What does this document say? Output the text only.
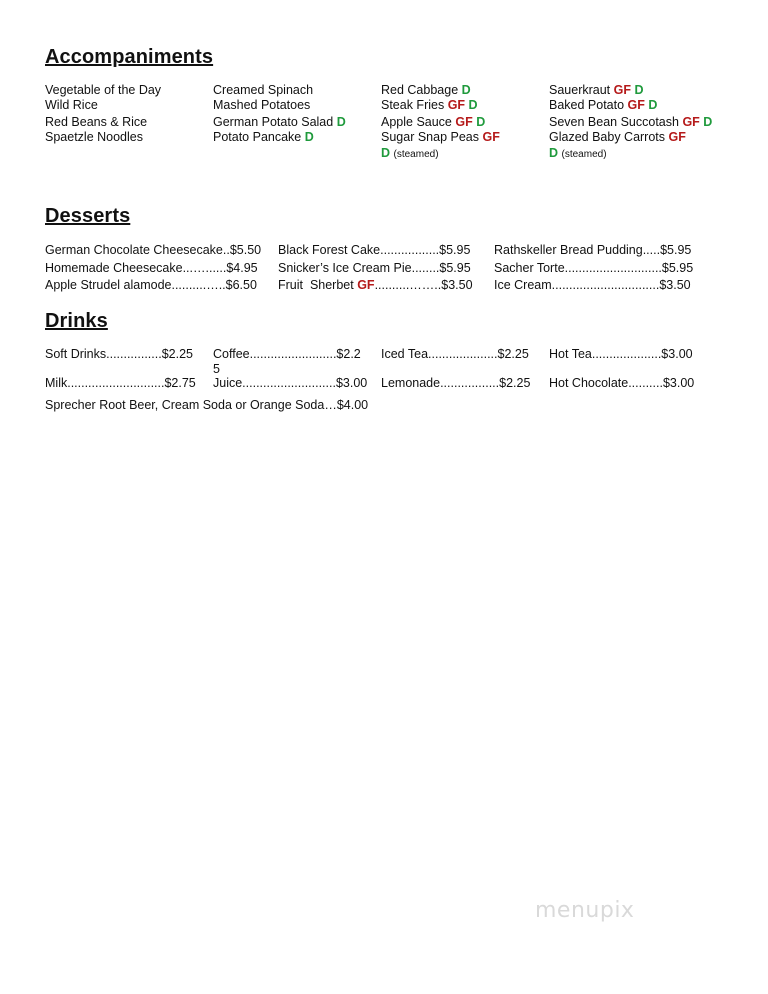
Accompaniments
Vegetable of the Day
Wild Rice
Red Beans & Rice
Spaetzle Noodles
Creamed Spinach
Mashed Potatoes
German Potato Salad D
Potato Pancake D
Red Cabbage D
Steak Fries GF D
Apple Sauce GF D
Sugar Snap Peas GF
D (steamed)
Sauerkraut GF D
Baked Potato GF D
Seven Bean Succotash GF D
Glazed Baby Carrots GF
D (steamed)
Desserts
German Chocolate Cheesecake..$5.50
Homemade Cheesecake...…......$4.95
Apple Strudel alamode..........…..$6.50
Black Forest Cake.................$5.95
Snicker’s Ice Cream Pie........$5.95
Fruit  Sherbet GF..........……..$3.50
Rathskeller Bread Pudding.....$5.95
Sacher Torte............................$5.95
Ice Cream...............................$3.50
Drinks
Soft Drinks................$2.25
Milk............................$2.75
Coffee.........................$2.25
Juice...........................$3.00
Iced Tea....................$2.25
Lemonade.................$2.25
Hot Tea....................$3.00
Hot Chocolate..........$3.00
Sprecher Root Beer, Cream Soda or Orange Soda…$4.00
menupix
